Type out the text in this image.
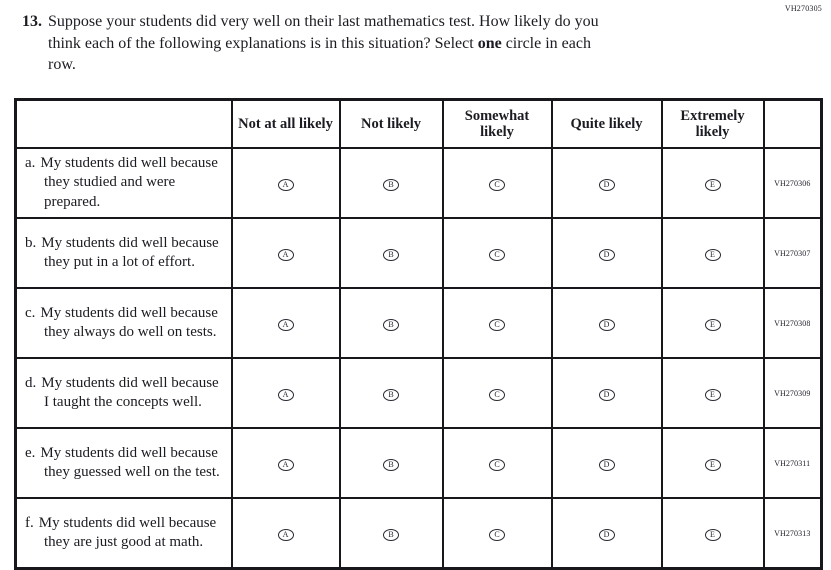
VH270305
13. Suppose your students did very well on their last mathematics test. How likely do you
think each of the following explanations is in this situation? Select one circle in each
row.
	Not at all likely	Not likely	Somewhat likely	Quite likely	Extremely likely	

a. My students did well because they studied and were prepared.	A	B	C	D	E	VH270306

b. My students did well because they put in a lot of effort.	A	B	C	D	E	VH270307

c. My students did well because they always do well on tests.	A	B	C	D	E	VH270308

d. My students did well because I taught the concepts well.	A	B	C	D	E	VH270309

e. My students did well because they guessed well on the test.	A	B	C	D	E	VH270311

f. My students did well because they are just good at math.	A	B	C	D	E	VH270313
